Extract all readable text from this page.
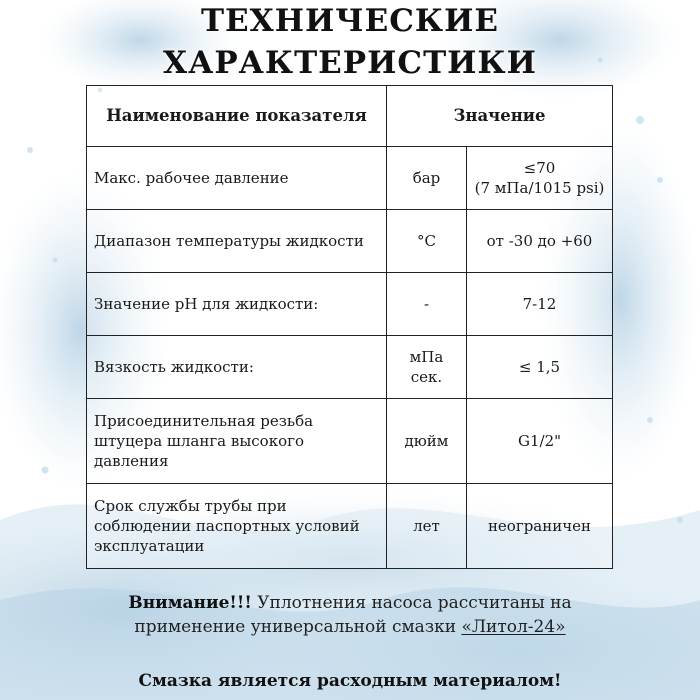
ТЕХНИЧЕСКИЕ
ХАРАКТЕРИСТИКИ
Наименование показателя	Значение	
Макс. рабочее давление	бар	≤70
(7 мПа/1015 psi)

Диапазон температуры жидкости	°C	от -30 до +60
Значение pH для жидкости:	-	7-12
Вязкость жидкости:	мПа сек.	≤ 1,5
Присоединительная резьба штуцера шланга высокого давления	дюйм	G1/2"
Срок службы трубы при соблюдении паспортных условий эксплуатации	лет	неограничен
Внимание!!! Уплотнения насоса рассчитаны на
применение универсальной смазки «Литол-24»
Смазка является расходным материалом!
